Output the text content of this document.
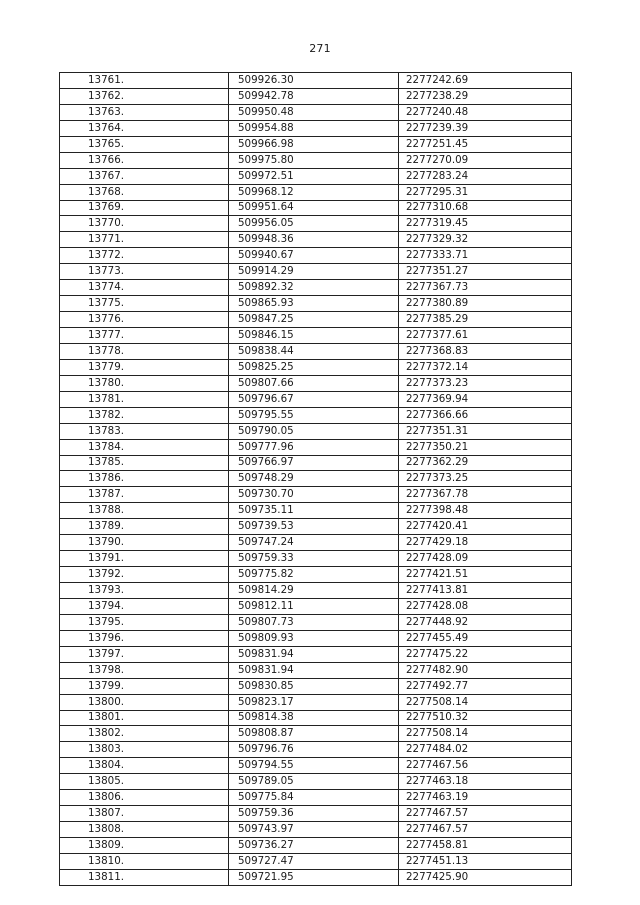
271
13761.	509926.30	2277242.69
13762.	509942.78	2277238.29
13763.	509950.48	2277240.48
13764.	509954.88	2277239.39
13765.	509966.98	2277251.45
13766.	509975.80	2277270.09
13767.	509972.51	2277283.24
13768.	509968.12	2277295.31
13769.	509951.64	2277310.68
13770.	509956.05	2277319.45
13771.	509948.36	2277329.32
13772.	509940.67	2277333.71
13773.	509914.29	2277351.27
13774.	509892.32	2277367.73
13775.	509865.93	2277380.89
13776.	509847.25	2277385.29
13777.	509846.15	2277377.61
13778.	509838.44	2277368.83
13779.	509825.25	2277372.14
13780.	509807.66	2277373.23
13781.	509796.67	2277369.94
13782.	509795.55	2277366.66
13783.	509790.05	2277351.31
13784.	509777.96	2277350.21
13785.	509766.97	2277362.29
13786.	509748.29	2277373.25
13787.	509730.70	2277367.78
13788.	509735.11	2277398.48
13789.	509739.53	2277420.41
13790.	509747.24	2277429.18
13791.	509759.33	2277428.09
13792.	509775.82	2277421.51
13793.	509814.29	2277413.81
13794.	509812.11	2277428.08
13795.	509807.73	2277448.92
13796.	509809.93	2277455.49
13797.	509831.94	2277475.22
13798.	509831.94	2277482.90
13799.	509830.85	2277492.77
13800.	509823.17	2277508.14
13801.	509814.38	2277510.32
13802.	509808.87	2277508.14
13803.	509796.76	2277484.02
13804.	509794.55	2277467.56
13805.	509789.05	2277463.18
13806.	509775.84	2277463.19
13807.	509759.36	2277467.57
13808.	509743.97	2277467.57
13809.	509736.27	2277458.81
13810.	509727.47	2277451.13
13811.	509721.95	2277425.90
